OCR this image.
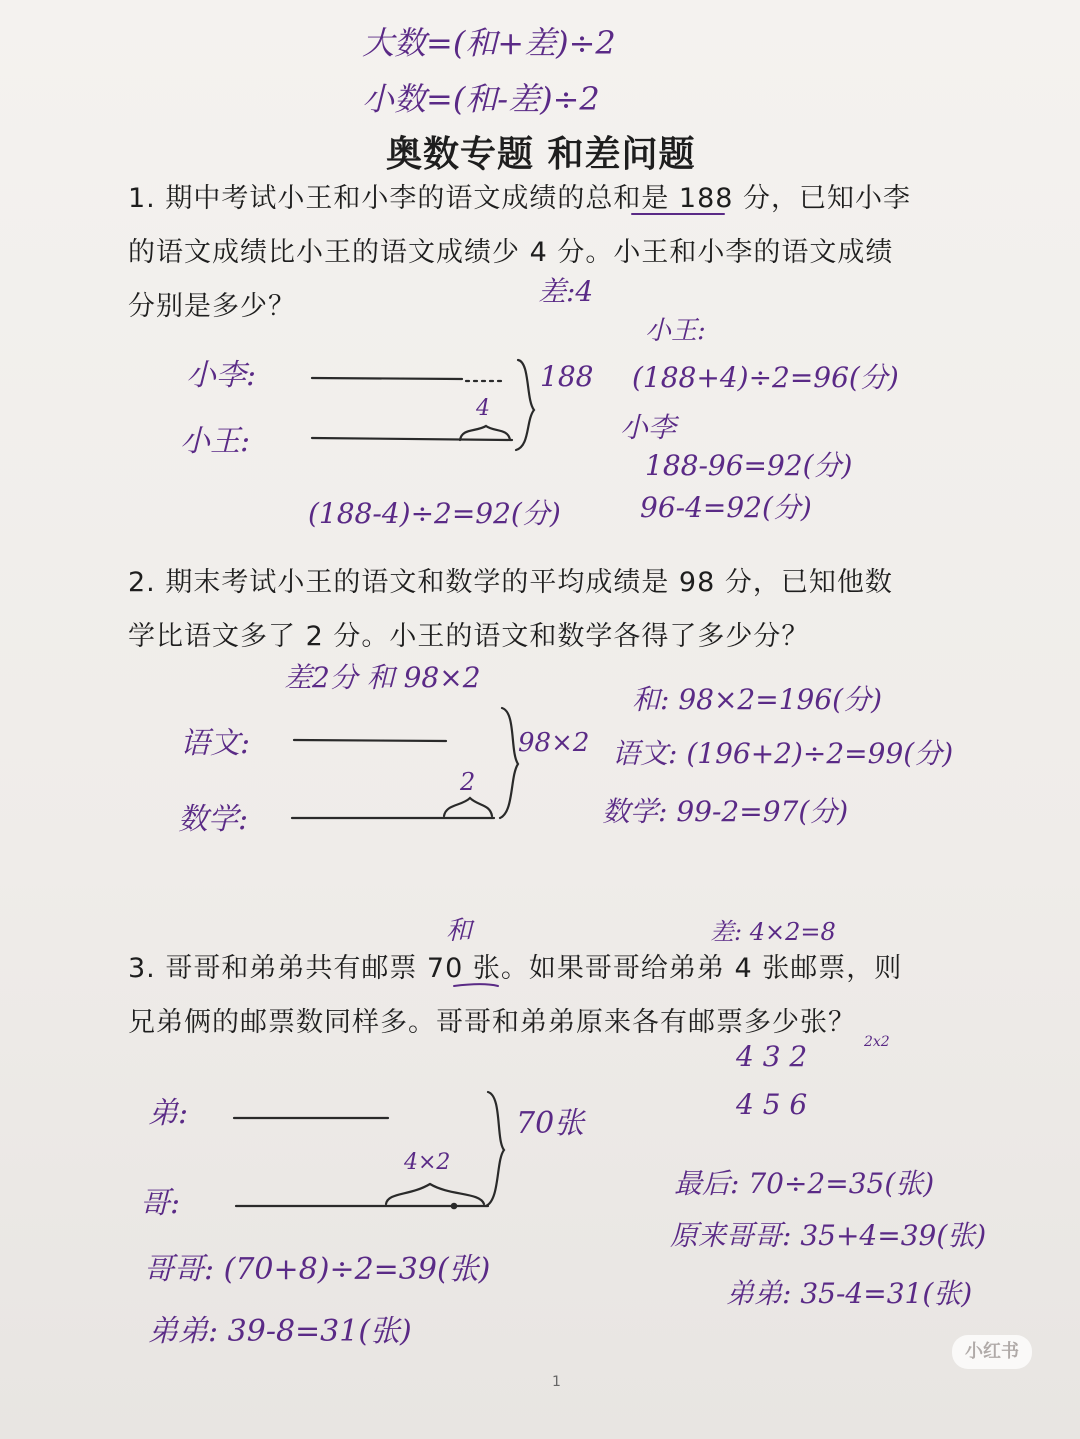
大数=(和+差)÷2
小数=(和-差)÷2
奥数专题 和差问题
1. 期中考试小王和小李的语文成绩的总和是 188 分，已知小李
的语文成绩比小王的语文成绩少 4 分。小王和小李的语文成绩
分别是多少？	差:4
小李:
小王:
4
188
小王:
(188+4)÷2=96(分)
小李
188-96=92(分)
(188-4)÷2=92(分)	96-4=92(分)
2. 期末考试小王的语文和数学的平均成绩是 98 分，已知他数
学比语文多了 2 分。小王的语文和数学各得了多少分？
差2分 和 98×2
语文:
数学:
2
98×2
和: 98×2=196(分)
语文: (196+2)÷2=99(分)
数学: 99-2=97(分)
和	差: 4×2=8
3. 哥哥和弟弟共有邮票 70 张。如果哥哥给弟弟 4 张邮票，则
兄弟俩的邮票数同样多。哥哥和弟弟原来各有邮票多少张？
2x2
4 3 2
4 5 6
弟:
哥:
4×2
70张
哥哥: (70+8)÷2=39(张)
弟弟: 39-8=31(张)
最后: 70÷2=35(张)
原来哥哥: 35+4=39(张)
弟弟: 35-4=31(张)
1
小红书
